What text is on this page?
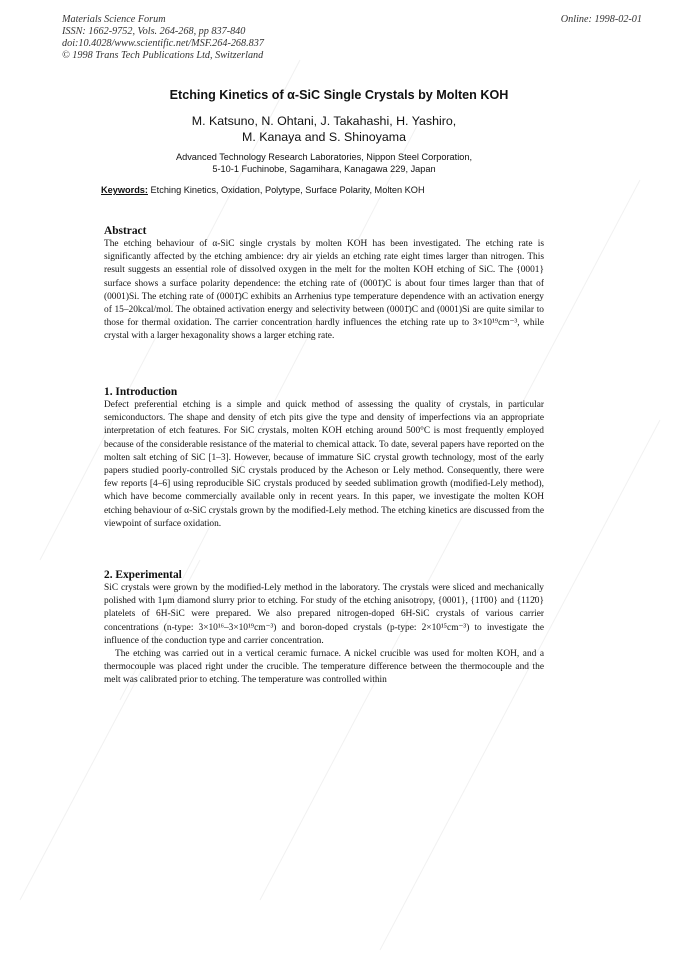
Materials Science Forum
ISSN: 1662-9752, Vols. 264-268, pp 837-840
doi:10.4028/www.scientific.net/MSF.264-268.837
© 1998 Trans Tech Publications Ltd, Switzerland
Online: 1998-02-01
Etching Kinetics of α-SiC Single Crystals by Molten KOH
M. Katsuno, N. Ohtani, J. Takahashi, H. Yashiro,
M. Kanaya and S. Shinoyama
Advanced Technology Research Laboratories, Nippon Steel Corporation,
5-10-1 Fuchinobe, Sagamihara, Kanagawa 229, Japan
Keywords: Etching Kinetics, Oxidation, Polytype, Surface Polarity, Molten KOH
Abstract

The etching behaviour of α-SiC single crystals by molten KOH has been investigated. The etching rate is significantly affected by the etching ambience: dry air yields an etching rate eight times larger than nitrogen. This result suggests an essential role of dissolved oxygen in the melt for the molten KOH etching of SiC. The {0001} surface shows a surface polarity dependence: the etching rate of (0001̄)C is about four times larger than that of (0001)Si. The etching rate of (0001̄)C exhibits an Arrhenius type temperature dependence with an activation energy of 15–20kcal/mol. The obtained activation energy and selectivity between (0001̄)C and (0001)Si are quite similar to those for thermal oxidation. The carrier concentration hardly influences the etching rate up to 3×10¹⁹cm⁻³, while crystal with a larger hexagonality shows a larger etching rate.

1. Introduction

Defect preferential etching is a simple and quick method of assessing the quality of crystals, in particular semiconductors. The shape and density of etch pits give the type and density of imperfections via an appropriate interpretation of etch features. For SiC crystals, molten KOH etching around 500°C is most frequently employed because of the considerable resistance of the material to chemical attack. To date, several papers have reported on the molten salt etching of SiC [1–3]. However, because of immature SiC crystal growth technology, most of the early papers studied poorly-controlled SiC crystals produced by the Acheson or Lely method. Consequently, there were few reports [4–6] using reproducible SiC crystals produced by seeded sublimation growth (modified-Lely method), which have become commercially available only in recent years. In this paper, we investigate the molten KOH etching behaviour of α-SiC crystals grown by the modified-Lely method. The etching kinetics are discussed from the viewpoint of surface oxidation.

2. Experimental

SiC crystals were grown by the modified-Lely method in the laboratory. The crystals were sliced and mechanically polished with 1μm diamond slurry prior to etching. For study of the etching anisotropy, {0001}, {11̄00} and {112̄0} platelets of 6H-SiC were prepared. We also prepared nitrogen-doped 6H-SiC crystals of various carrier concentrations (n-type: 3×10¹⁶–3×10¹⁹cm⁻³) and boron-doped crystals (p-type: 2×10¹⁵cm⁻³) to investigate the influence of the conduction type and carrier concentration.

The etching was carried out in a vertical ceramic furnace. A nickel crucible was used for molten KOH, and a thermocouple was placed right under the crucible. The temperature difference between the thermocouple and the melt was calibrated prior to etching. The temperature was controlled within
